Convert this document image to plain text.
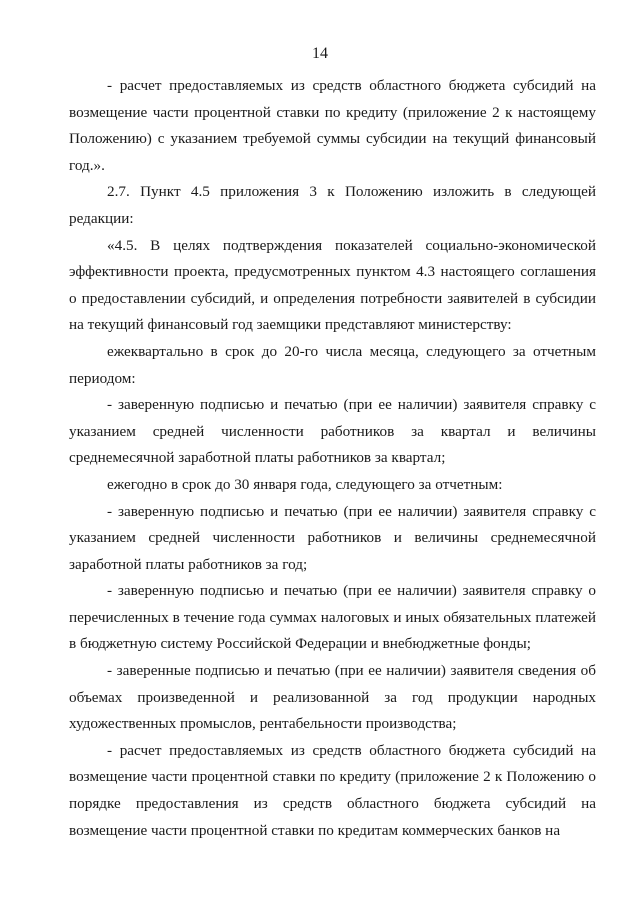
14

- расчет предоставляемых из средств областного бюджета субсидий на возмещение части процентной ставки по кредиту (приложение 2 к настоящему Положению) с указанием требуемой суммы субсидии на текущий финансовый год.».

2.7. Пункт 4.5 приложения 3 к Положению изложить в следующей редакции:

«4.5. В целях подтверждения показателей социально-экономической эффективности проекта, предусмотренных пунктом 4.3 настоящего соглашения о предоставлении субсидий, и определения потребности заявителей в субсидии на текущий финансовый год заемщики представляют министерству:

ежеквартально в срок до 20-го числа месяца, следующего за отчетным периодом:

- заверенную подписью и печатью (при ее наличии) заявителя справку с указанием средней численности работников за квартал и величины среднемесячной заработной платы работников за квартал;

ежегодно в срок до 30 января года, следующего за отчетным:

- заверенную подписью и печатью (при ее наличии) заявителя справку с указанием средней численности работников и величины среднемесячной заработной платы работников за год;

- заверенную подписью и печатью (при ее наличии) заявителя справку о перечисленных в течение года суммах налоговых и иных обязательных платежей в бюджетную систему Российской Федерации и внебюджетные фонды;

- заверенные подписью и печатью (при ее наличии) заявителя сведения об объемах произведенной и реализованной за год продукции народных художественных промыслов, рентабельности производства;

- расчет предоставляемых из средств областного бюджета субсидий на возмещение части процентной ставки по кредиту (приложение 2 к Положению о порядке предоставления из средств областного бюджета субсидий на возмещение части процентной ставки по кредитам коммерческих банков на
